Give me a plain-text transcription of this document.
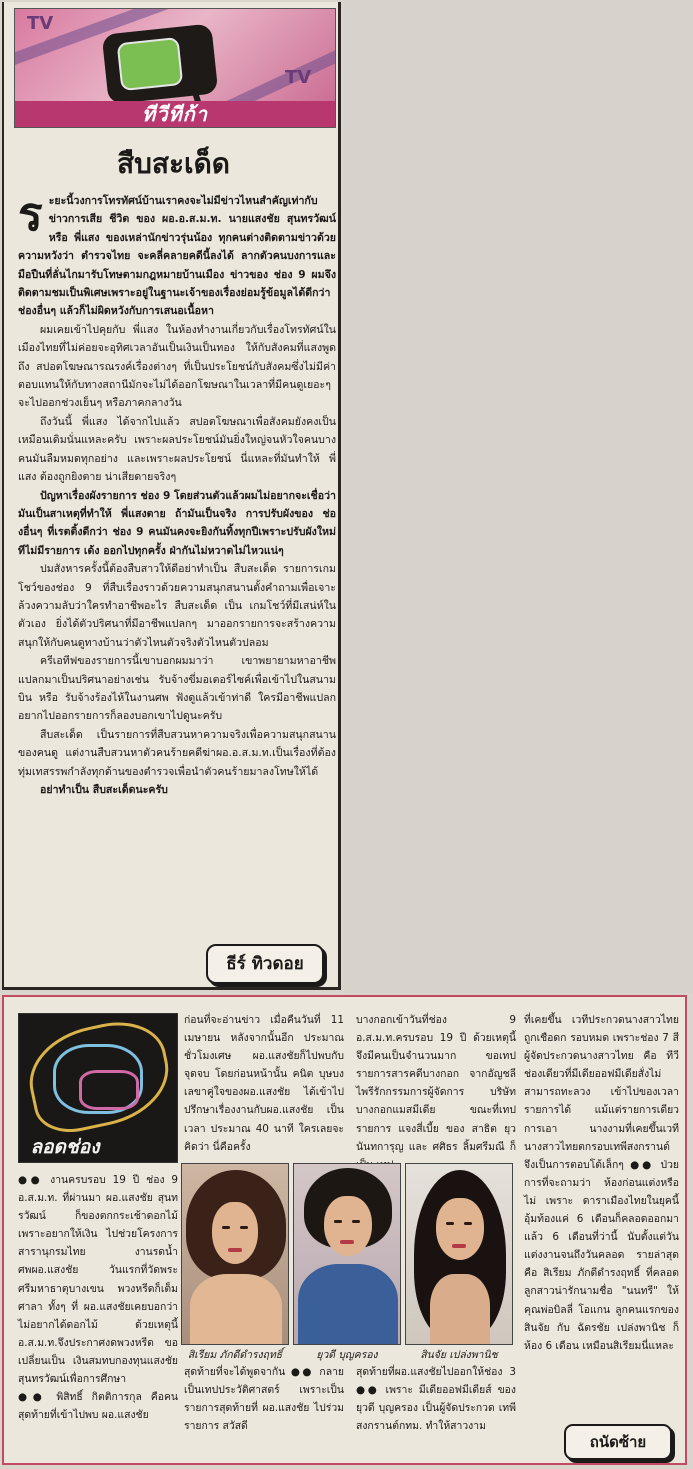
TV
TV
ทีวีทีก้า
สืบสะเด็ด

ระยะนี้วงการโทรทัศน์บ้านเราคงจะไม่มีข่าวไหนสำคัญเท่ากับ ข่าวการเสีย ชีวิต ของ ผอ.อ.ส.ม.ท. นายแสงชัย สุนทรวัฒน์ หรือ พี่แสง ของเหล่านักข่าวรุ่นน้อง ทุกคนต่างติดตามข่าวด้วยความหวังว่า ตำรวจไทย จะคลี่คลายคดีนี้ลงได้ ลากตัวคนบงการและมือปืนที่ลั่นไกมารับโทษตามกฎหมายบ้านเมือง ข่าวของ ช่อง 9 ผมจึงติดตามชมเป็นพิเศษเพราะอยู่ในฐานะเจ้าของเรื่องย่อมรู้ข้อมูลได้ดีกว่าช่องอื่นๆ แล้วก็ไม่ผิดหวังกับการเสนอเนื้อหา

ผมเคยเข้าไปคุยกับ พี่แสง ในห้องทำงานเกี่ยวกับเรื่องโทรทัศน์ในเมืองไทยที่ไม่ค่อยจะอุทิศเวลาอันเป็นเงินเป็นทอง ให้กับสังคมที่แสงพูดถึง สปอตโฆษณารณรงค์เรื่องต่างๆ ที่เป็นประโยชน์กับสังคมซึ่งไม่มีค่าตอบแทนให้กับทางสถานีมักจะไม่ได้ออกโฆษณาในเวลาที่มีคนดูเยอะๆ จะไปออกช่วงเย็นๆ หรือภาคกลางวัน

ถึงวันนี้ พี่แสง ได้จากไปแล้ว สปอตโฆษณาเพื่อสังคมยังคงเป็นเหมือนเดิมนั่นแหละครับ เพราะผลประโยชน์มันยิ่งใหญ่จนหัวใจคนบางคนมันลืมหมดทุกอย่าง และเพราะผลประโยชน์ นี่แหละที่มันทำให้ พี่แสง ต้องถูกยิงตาย น่าเสียดายจริงๆ

ปัญหาเรื่องผังรายการ ช่อง 9 โดยส่วนตัวแล้วผมไม่อยากจะเชื่อว่ามันเป็นสาเหตุที่ทำให้ พี่แสงตาย ถ้ามันเป็นจริง การปรับผังของ ช่องอื่นๆ ที่เรตติ้งดีกว่า ช่อง 9 คนมันคงจะยิงกันทิ้งทุกปีเพราะปรับผังใหม่ทีไม่มีรายการ เด้ง ออกไปทุกครั้ง ฝ่ากันไม่หวาดไม่ไหวแน่ๆ

ปมสังหารครั้งนี้ต้องสืบสาวให้ดีอย่าทำเป็น สืบสะเด็ด รายการเกมโชว์ของช่อง 9 ที่สืบเรื่องราวด้วยความสนุกสนานตั้งคำถามเพื่อเจาะล้วงความลับว่าใครทำอาชีพอะไร สืบสะเด็ด เป็น เกมโชว์ที่มีเสน่ห์ในตัวเอง ยิ่งได้ตัวปริศนาที่มีอาชีพแปลกๆ มาออกรายการจะสร้างความสนุกให้กับคนดูทางบ้านว่าตัวไหนตัวจริงตัวไหนตัวปลอม

ครีเอทีฟของรายการนี้เขาบอกผมมาว่า เขาพยายามหาอาชีพแปลกมาเป็นปริศนาอย่างเช่น รับจ้างขี่มอเตอร์ไซค์เพื่อเข้าไปในสนามบิน หรือ รับจ้างร้องไห้ในงานศพ ฟังดูแล้วเข้าท่าดี ใครมีอาชีพแปลกอยากไปออกรายการก็ลองบอกเขาไปดูนะครับ

สืบสะเด็ด เป็นรายการที่สืบสวนหาความจริงเพื่อความสนุกสนานของคนดู แต่งานสืบสวนหาตัวคนร้ายคดีฆ่าผอ.อ.ส.ม.ท.เป็นเรื่องที่ต้องทุ่มเทสรรพกำลังทุกด้านของตำรวจเพื่อนำตัวคนร้ายมาลงโทษให้ได้

อย่าทำเป็น สืบสะเด็ดนะครับ

ธีร์ ทิวดอย
ลอดช่อง

●● งานครบรอบ 19 ปี ช่อง 9 อ.ส.ม.ท. ที่ผ่านมา ผอ.แสงชัย สุนทรวัฒน์ ก็ของตกกระเช้าดอกไม้ เพราะอยากให้เงิน ไปช่วยโครงการสารานุกรมไทย งานรดน้ำศพผอ.แสงชัย วันแรกที่วัดพระศรีมหาธาตุบางเขน พวงหรีดก็เต็มศาลา ทั้งๆ ที่ ผอ.แสงชัยเคยบอกว่าไม่อยากได้ดอกไม้ ด้วยเหตุนี้ อ.ส.ม.ท.จึงประกาศงดพวงหรีด ขอเปลี่ยนเป็น เงินสมทบกองทุนแสงชัย สุนทรวัฒน์เพื่อการศึกษา

●● พิสิทธิ์ กิตติการกุล คือคนสุดท้ายที่เข้าไปพบ ผอ.แสงชัย

ก่อนที่จะอ่านข่าว เมื่อคืนวันที่ 11 เมษายน หลังจากนั้นอีก ประมาณชั่วโมงเศษ ผอ.แสงชัยก็ไปพบกับจุดจบ โดยก่อนหน้านั้น คนิต บุษบง เลขาคู่ใจของผอ.แสงชัย ได้เข้าไป ปรึกษาเรื่องงานกับผอ.แสงชัย เป็นเวลา ประมาณ 40 นาที ใครเลยจะคิดว่า นี่คือครั้ง
บางกอกเข้าวันที่ช่อง 9 อ.ส.ม.ท.ครบรอบ 19 ปี ด้วยเหตุนี้จึงมีคนเป็นจำนวนมาก ขอเทปรายการสารคดีบางกอก จากอัญชลี ไพรีรักกรรมการผู้จัดการ บริษัทบางกอกแมสมีเดีย ขณะที่เทปรายการ แจงสี่เบี้ย ของ สาธิต ยุวนันทการุญ และ ศศิธร ลิ้มศรีมณี ก็
ที่เคยขึ้น เวทีประกวดนางสาวไทย ถูกเชือดก รอบหมด เพราะช่อง 7 สีผู้จัดประกวดนางสาวไทย คือ ทีวีช่องเดียวที่มีเดียออฟมีเดียสั่งไม่สามารถทะลวง เข้าไปของเวลารายการได้ แม้แต่รายการเดียว การเอา นางงามที่เคยขึ้นเวทีนางสาวไทยตกรอบเทพีสงกรานต์จึงเป็นการตอบโต้เล็กๆ ●● ป่วยการที่จะถามว่า ห้องก่อนแต่งหรือไม่ เพราะ ดาราเมืองไทยในยุคนี้อุ้มท้องแค่ 6 เดือนก็คลอดออกมาแล้ว 6 เดือนที่ว่านี้ นับตั้งแต่วันแต่งงานจนถึงวันคลอด รายล่าสุดคือ สิเรียม ภักดีดำรงฤทธิ์ ที่คลอดลูกสาวน่ารักนามชื่อ "นนทรี" ให้ คุณพ่อบิลลี่ โอแกน ลูกคนแรกของ สินจัย กับ ฉัตรชัย เปล่งพานิช ก็ห้อง 6 เดือน เหมือนสิเรียมนี่แหละ
สิเรียม ภักดีดำรงฤทธิ์	ยุวดี บุญครอง	สินจัย เปล่งพานิช
สุดท้ายที่จะได้พูดจากัน ●● กลายเป็นเทปประวัติศาสตร์ เพราะเป็น รายการสุดท้ายที่ ผอ.แสงชัย ไปร่วมรายการ สวัสดี
สุดท้ายที่ผอ.แสงชัยไปออกให้ช่อง 3 ●● เพราะ มีเดียออฟมีเดียส์ ของ ยุวดี บุญครอง เป็นผู้จัดประกวด เทพีสงกรานต์กทม. ทำให้สาวงาม
ถนัดซ้าย
